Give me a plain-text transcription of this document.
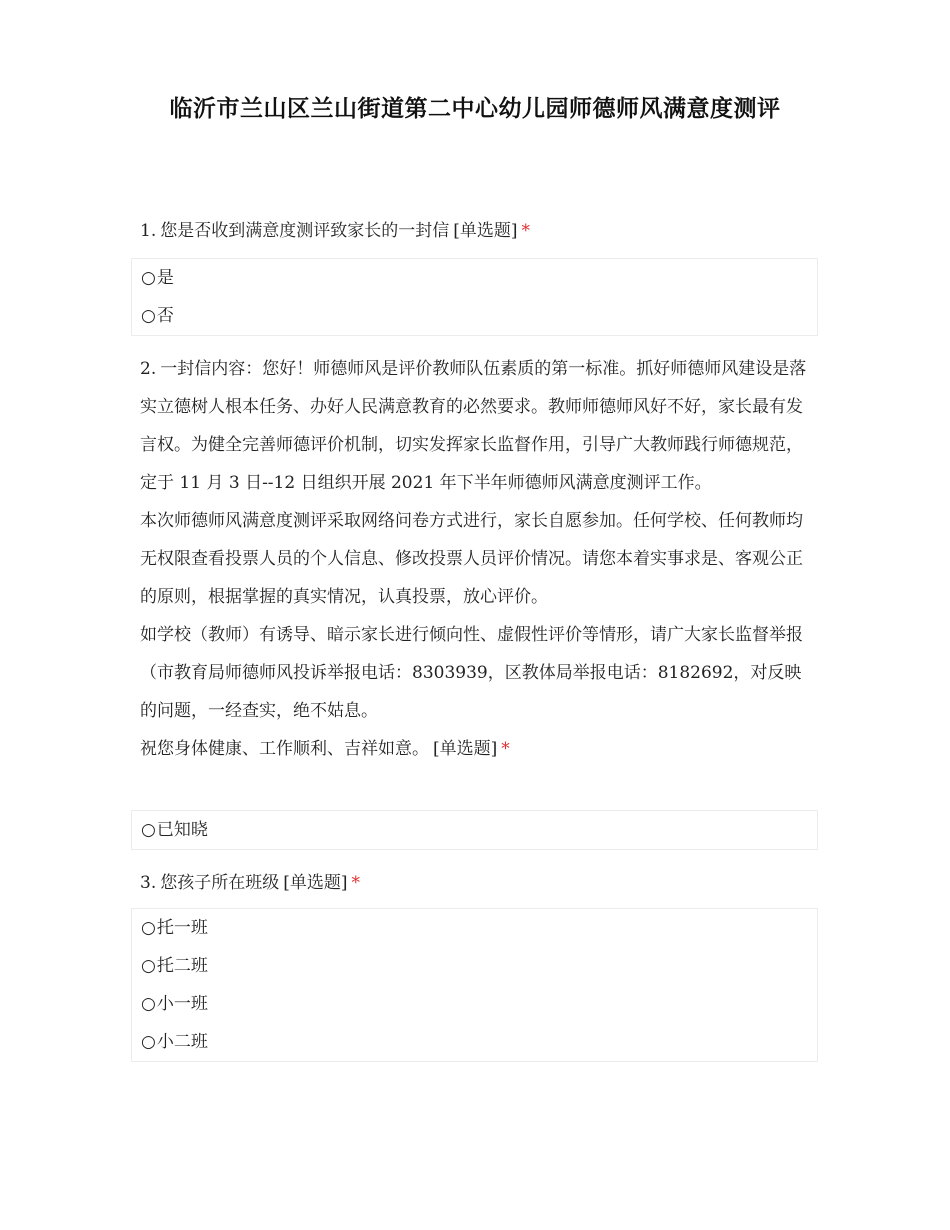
临沂市兰山区兰山街道第二中心幼儿园师德师风满意度测评
1. 您是否收到满意度测评致家长的一封信 [单选题] *
○是
○否

2. 一封信内容：您好！师德师风是评价教师队伍素质的第一标准。抓好师德师风建设是落实立德树人根本任务、办好人民满意教育的必然要求。教师师德师风好不好，家长最有发言权。为健全完善师德评价机制，切实发挥家长监督作用，引导广大教师践行师德规范，定于 11 月 3 日--12 日组织开展 2021 年下半年师德师风满意度测评工作。

本次师德师风满意度测评采取网络问卷方式进行，家长自愿参加。任何学校、任何教师均无权限查看投票人员的个人信息、修改投票人员评价情况。请您本着实事求是、客观公正的原则，根据掌握的真实情况，认真投票，放心评价。

如学校（教师）有诱导、暗示家长进行倾向性、虚假性评价等情形，请广大家长监督举报（市教育局师德师风投诉举报电话：8303939，区教体局举报电话：8182692，对反映的问题，一经查实，绝不姑息。

祝您身体健康、工作顺利、吉祥如意。 [单选题] *

○已知晓
3. 您孩子所在班级 [单选题] *
○托一班
○托二班
○小一班
○小二班
